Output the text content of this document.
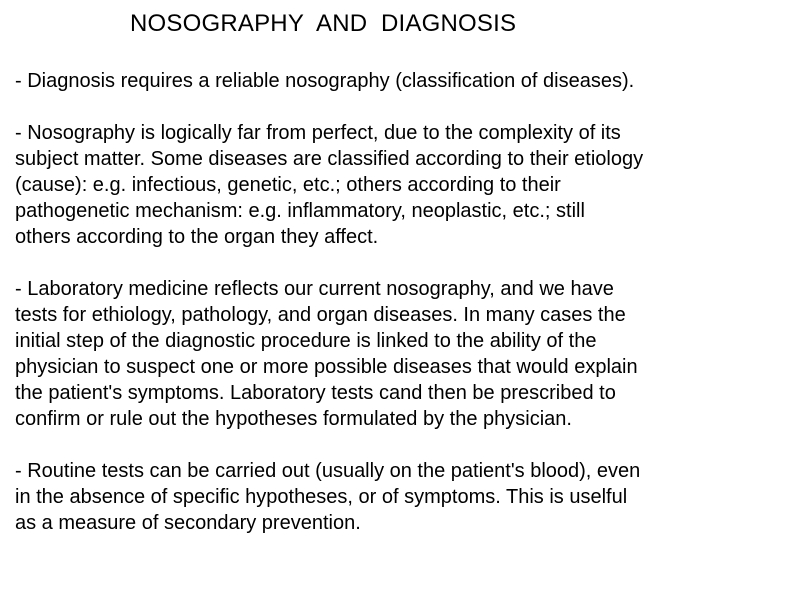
NOSOGRAPHY  AND  DIAGNOSIS

- Diagnosis requires a reliable nosography (classification of diseases).

- Nosography is logically far from perfect, due to the complexity of its
subject matter. Some diseases are classified according to their etiology
(cause): e.g. infectious, genetic, etc.; others according to their
pathogenetic mechanism: e.g. inflammatory, neoplastic, etc.; still
others according to the organ they affect.

- Laboratory medicine reflects our current nosography, and we have
tests for ethiology, pathology, and organ diseases. In many cases the
initial step of the diagnostic procedure is linked to the ability of the
physician to suspect one or more possible diseases that would explain
the patient's symptoms. Laboratory tests cand then be prescribed to
confirm or rule out the hypotheses formulated by the physician.

- Routine tests can be carried out (usually on the patient's blood), even
in the absence of specific hypotheses, or of symptoms. This is uselful
as a measure of secondary prevention.
